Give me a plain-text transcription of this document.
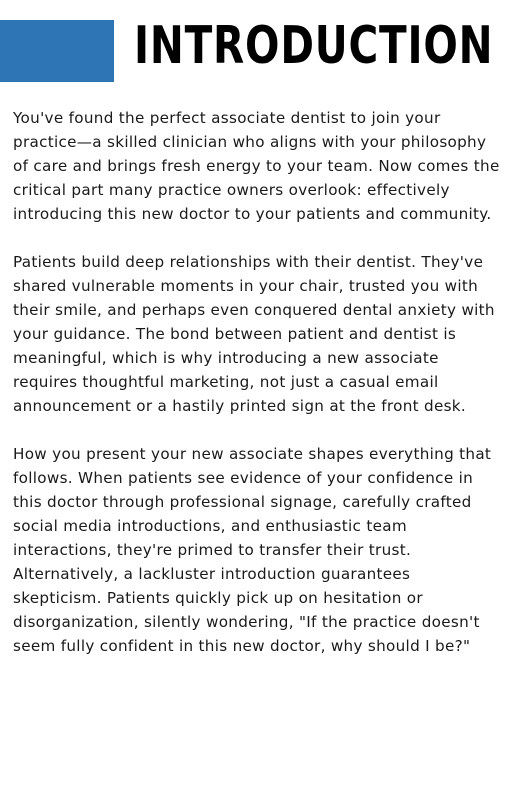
INTRODUCTION

You've found the perfect associate dentist to join your practice—a skilled clinician who aligns with your philosophy of care and brings fresh energy to your team. Now comes the critical part many practice owners overlook: effectively introducing this new doctor to your patients and community.

Patients build deep relationships with their dentist. They've shared vulnerable moments in your chair, trusted you with their smile, and perhaps even conquered dental anxiety with your guidance. The bond between patient and dentist is meaningful, which is why introducing a new associate requires thoughtful marketing, not just a casual email announcement or a hastily printed sign at the front desk.

How you present your new associate shapes everything that follows. When patients see evidence of your confidence in this doctor through professional signage, carefully crafted social media introductions, and enthusiastic team interactions, they're primed to transfer their trust. Alternatively, a lackluster introduction guarantees skepticism. Patients quickly pick up on hesitation or disorganization, silently wondering, "If the practice doesn't seem fully confident in this new doctor, why should I be?"
